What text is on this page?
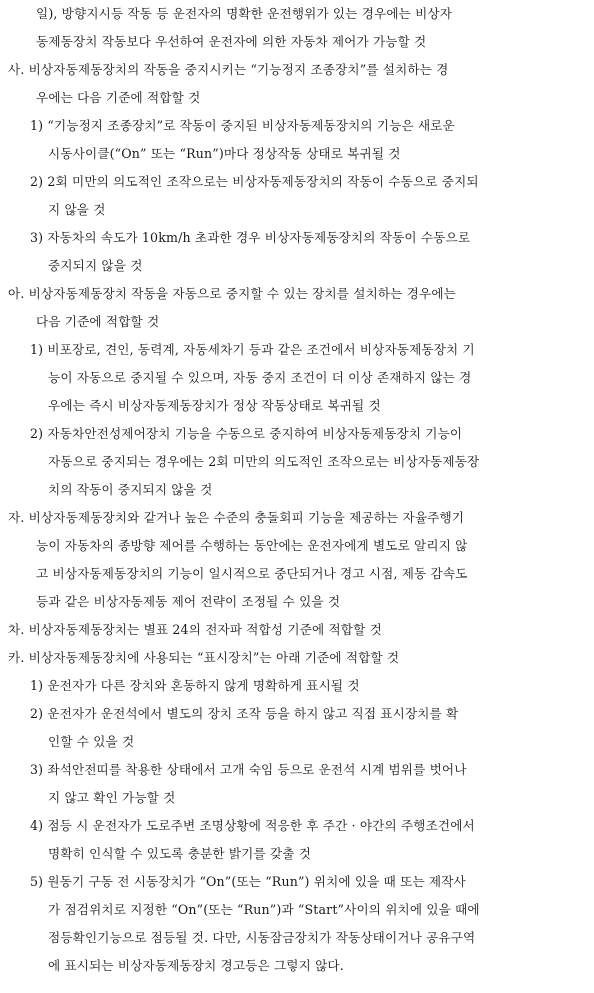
일), 방향지시등 작동 등 운전자의 명확한 운전행위가 있는 경우에는 비상자
동제동장치 작동보다 우선하여 운전자에 의한 자동차 제어가 가능할 것
사. 비상자동제동장치의 작동을 중지시키는 “기능정지 조종장치”를 설치하는 경
우에는 다음 기준에 적합할 것
1) “기능정지 조종장치”로 작동이 중지된 비상자동제동장치의 기능은 새로운
시동사이클(“On” 또는 “Run”)마다 정상작동 상태로 복귀될 것
2) 2회 미만의 의도적인 조작으로는 비상자동제동장치의 작동이 수동으로 중지되
지 않을 것
3) 자동차의 속도가 10km/h 초과한 경우 비상자동제동장치의 작동이 수동으로
중지되지 않을 것
아. 비상자동제동장치 작동을 자동으로 중지할 수 있는 장치를 설치하는 경우에는
다음 기준에 적합할 것
1) 비포장로, 견인, 동력계, 자동세차기 등과 같은 조건에서 비상자동제동장치 기
능이 자동으로 중지될 수 있으며, 자동 중지 조건이 더 이상 존재하지 않는 경
우에는 즉시 비상자동제동장치가 정상 작동상태로 복귀될 것
2) 자동차안전성제어장치 기능을 수동으로 중지하여 비상자동제동장치 기능이
자동으로 중지되는 경우에는 2회 미만의 의도적인 조작으로는 비상자동제동장
치의 작동이 중지되지 않을 것
자. 비상자동제동장치와 같거나 높은 수준의 충돌회피 기능을 제공하는 자율주행기
능이 자동차의 종방향 제어를 수행하는 동안에는 운전자에게 별도로 알리지 않
고 비상자동제동장치의 기능이 일시적으로 중단되거나 경고 시점, 제동 감속도
등과 같은 비상자동제동 제어 전략이 조정될 수 있을 것
차. 비상자동제동장치는 별표 24의 전자파 적합성 기준에 적합할 것
카. 비상자동제동장치에 사용되는 “표시장치”는 아래 기준에 적합할 것
1) 운전자가 다른 장치와 혼동하지 않게 명확하게 표시될 것
2) 운전자가 운전석에서 별도의 장치 조작 등을 하지 않고 직접 표시장치를 확
인할 수 있을 것
3) 좌석안전띠를 착용한 상태에서 고개 숙임 등으로 운전석 시계 범위를 벗어나
지 않고 확인 가능할 것
4) 점등 시 운전자가 도로주변 조명상황에 적응한 후 주간 · 야간의 주행조건에서
명확히 인식할 수 있도록 충분한 밝기를 갖출 것
5) 원동기 구동 전 시동장치가 “On”(또는 “Run”) 위치에 있을 때 또는 제작사
가 점검위치로 지정한 “On”(또는 “Run”)과 “Start”사이의 위치에 있을 때에
점등확인기능으로 점등될 것. 다만, 시동잠금장치가 작동상태이거나 공유구역
에 표시되는 비상자동제동장치 경고등은 그렇지 않다.
